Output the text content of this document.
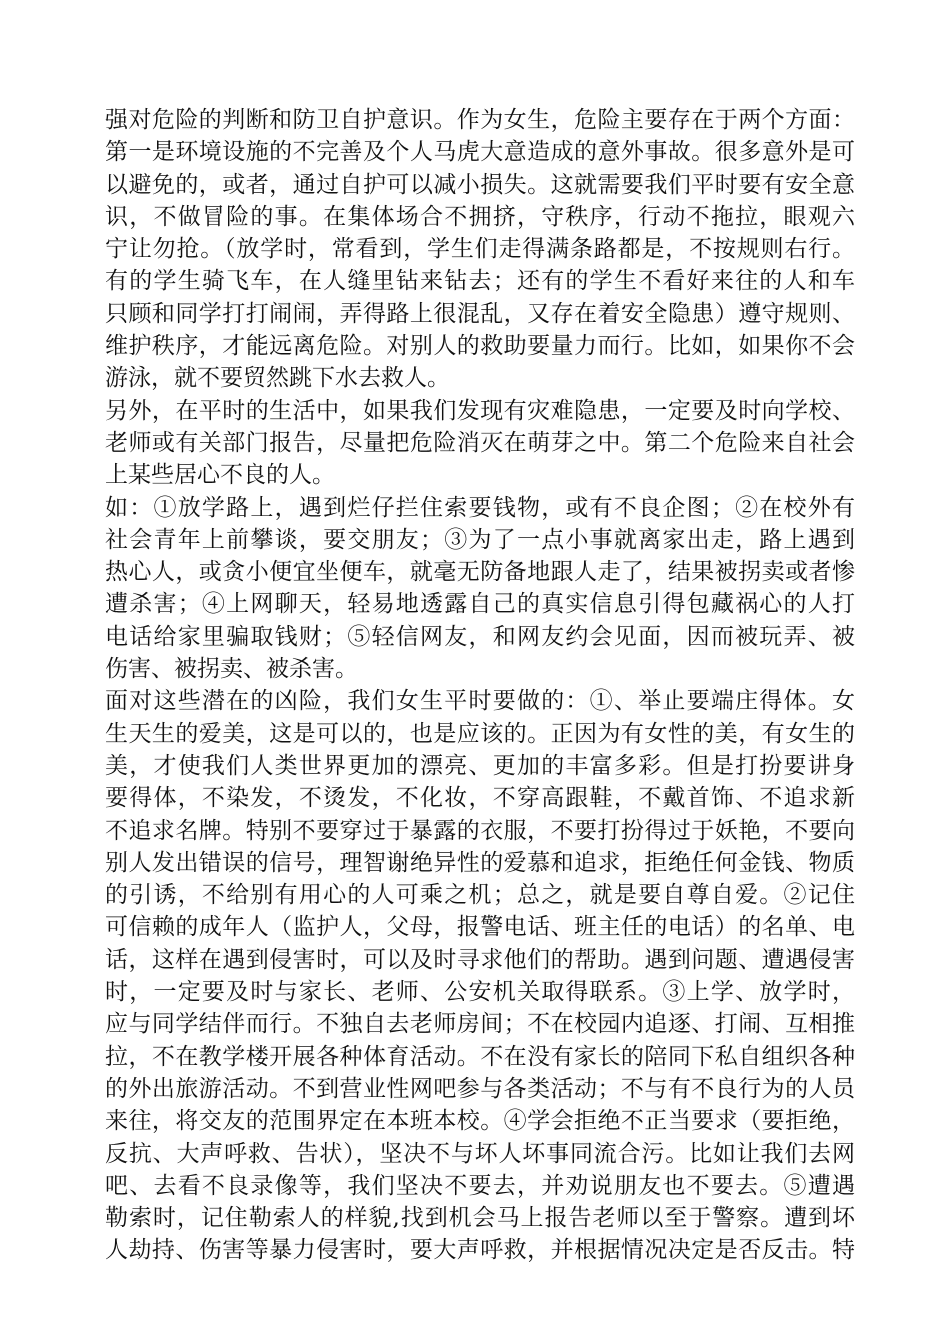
强对危险的判断和防卫自护意识。作为女生，危险主要存在于两个方面：
第一是环境设施的不完善及个人马虎大意造成的意外事故。很多意外是可
以避免的，或者，通过自护可以减小损失。这就需要我们平时要有安全意
识，不做冒险的事。在集体场合不拥挤，守秩序，行动不拖拉，眼观六
宁让勿抢。（放学时，常看到，学生们走得满条路都是，不按规则右行。
有的学生骑飞车，在人缝里钻来钻去；还有的学生不看好来往的人和车
只顾和同学打打闹闹，弄得路上很混乱，又存在着安全隐患）遵守规则、
维护秩序，才能远离危险。对别人的救助要量力而行。比如，如果你不会
游泳，就不要贸然跳下水去救人。
另外，在平时的生活中，如果我们发现有灾难隐患，一定要及时向学校、
老师或有关部门报告，尽量把危险消灭在萌芽之中。第二个危险来自社会
上某些居心不良的人。
如：①放学路上，遇到烂仔拦住索要钱物，或有不良企图；②在校外有
社会青年上前攀谈，要交朋友；③为了一点小事就离家出走，路上遇到
热心人，或贪小便宜坐便车，就毫无防备地跟人走了，结果被拐卖或者惨
遭杀害；④上网聊天，轻易地透露自己的真实信息引得包藏祸心的人打
电话给家里骗取钱财；⑤轻信网友，和网友约会见面，因而被玩弄、被
伤害、被拐卖、被杀害。
面对这些潜在的凶险，我们女生平时要做的：①、举止要端庄得体。女
生天生的爱美，这是可以的，也是应该的。正因为有女性的美，有女生的
美，才使我们人类世界更加的漂亮、更加的丰富多彩。但是打扮要讲身
要得体，不染发，不烫发，不化妆，不穿高跟鞋，不戴首饰、不追求新
不追求名牌。特别不要穿过于暴露的衣服，不要打扮得过于妖艳，不要向
别人发出错误的信号，理智谢绝异性的爱慕和追求，拒绝任何金钱、物质
的引诱，不给别有用心的人可乘之机；总之，就是要自尊自爱。②记住
可信赖的成年人（监护人，父母，报警电话、班主任的电话）的名单、电
话，这样在遇到侵害时，可以及时寻求他们的帮助。遇到问题、遭遇侵害
时，一定要及时与家长、老师、公安机关取得联系。③上学、放学时，
应与同学结伴而行。不独自去老师房间；不在校园内追逐、打闹、互相推
拉，不在教学楼开展各种体育活动。不在没有家长的陪同下私自组织各种
的外出旅游活动。不到营业性网吧参与各类活动；不与有不良行为的人员
来往，将交友的范围界定在本班本校。④学会拒绝不正当要求（要拒绝，
反抗、大声呼救、告状），坚决不与坏人坏事同流合污。比如让我们去网
吧、去看不良录像等，我们坚决不要去，并劝说朋友也不要去。⑤遭遇
勒索时，记住勒索人的样貌,找到机会马上报告老师以至于警察。遭到坏
人劫持、伤害等暴力侵害时，要大声呼救，并根据情况决定是否反击。特
